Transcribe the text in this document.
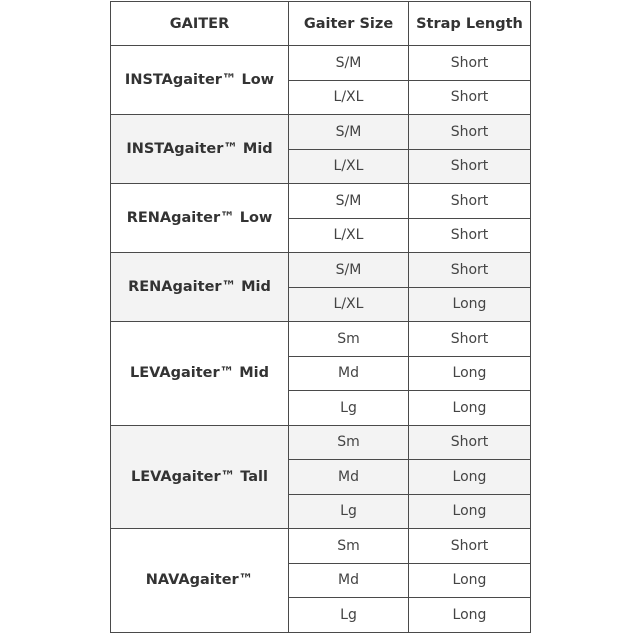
GAITER	Gaiter Size	Strap Length
INSTAgaiter™ Low	S/M	Short
	L/XL	Short
INSTAgaiter™ Mid	S/M	Short
	L/XL	Short
RENAgaiter™ Low	S/M	Short
	L/XL	Short
RENAgaiter™ Mid	S/M	Short
	L/XL	Long
LEVAgaiter™ Mid	Sm	Short
	Md	Long
	Lg	Long
LEVAgaiter™ Tall	Sm	Short
	Md	Long
	Lg	Long
NAVAgaiter™	Sm	Short
	Md	Long
	Lg	Long
